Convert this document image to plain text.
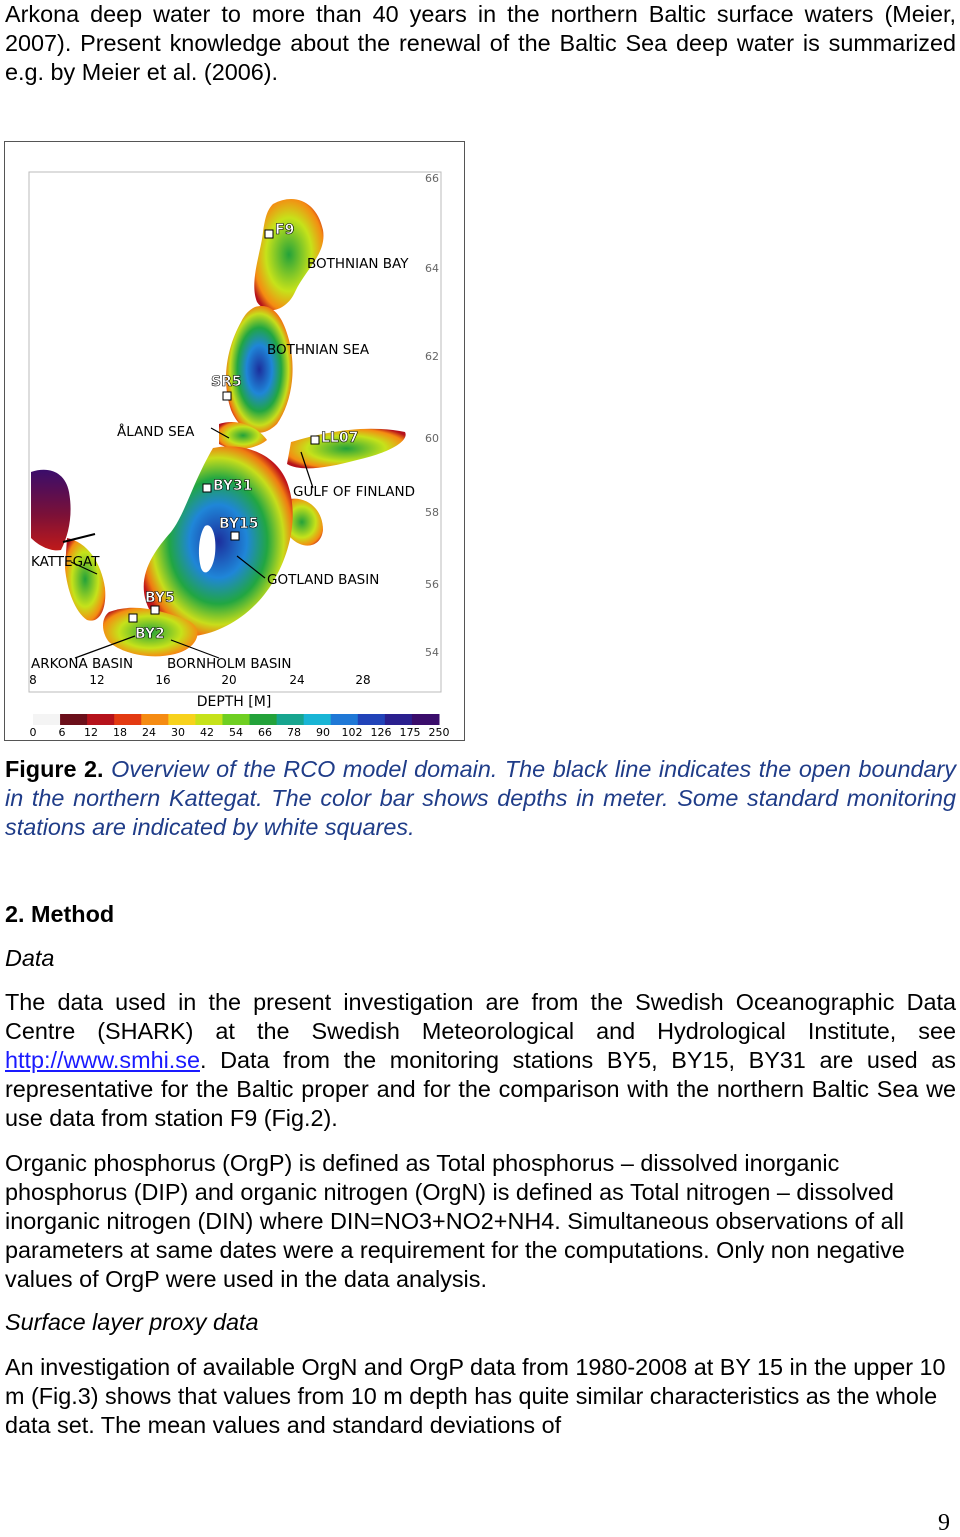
Arkona deep water to more than 40 years in the northern Baltic surface waters (Meier, 2007). Present knowledge about the renewal of the Baltic Sea deep water is summarized e.g. by Meier et al. (2006).

F9
SR5
LL07
BY31
BY15
BY5
BY2
BOTHNIAN BAY
BOTHNIAN SEA
ÅLAND SEA
GULF OF FINLAND
KATTEGAT
GOTLAND BASIN
ARKONA BASIN	BORNHOLM BASIN
66
64
62
60
58
56
54
8	12	16	20	24	28
DEPTH [M]
0 6 12 18 24 30 42 54 66 78 90 102 126 175 250

Figure 2. Overview of the RCO model domain. The black line indicates the open boundary in the northern Kattegat. The color bar shows depths in meter. Some standard monitoring stations are indicated by white squares.

2. Method

Data

The data used in the present investigation are from the Swedish Oceanographic Data Centre (SHARK) at the Swedish Meteorological and Hydrological Institute, see http://www.smhi.se. Data from the monitoring stations BY5, BY15, BY31 are used as representative for the Baltic proper and for the comparison with the northern Baltic Sea we use data from station F9 (Fig.2).

Organic phosphorus (OrgP) is defined as Total phosphorus – dissolved inorganic phosphorus (DIP) and organic nitrogen (OrgN) is defined as Total nitrogen – dissolved inorganic nitrogen (DIN) where DIN=NO3+NO2+NH4. Simultaneous observations of all parameters at same dates were a requirement for the computations. Only non negative values of OrgP were used in the data analysis.

Surface layer proxy data

An investigation of available OrgN and OrgP data from 1980-2008 at BY 15 in the upper 10 m (Fig.3) shows that values from 10 m depth has quite similar characteristics as the whole data set. The mean values and standard deviations of

9
